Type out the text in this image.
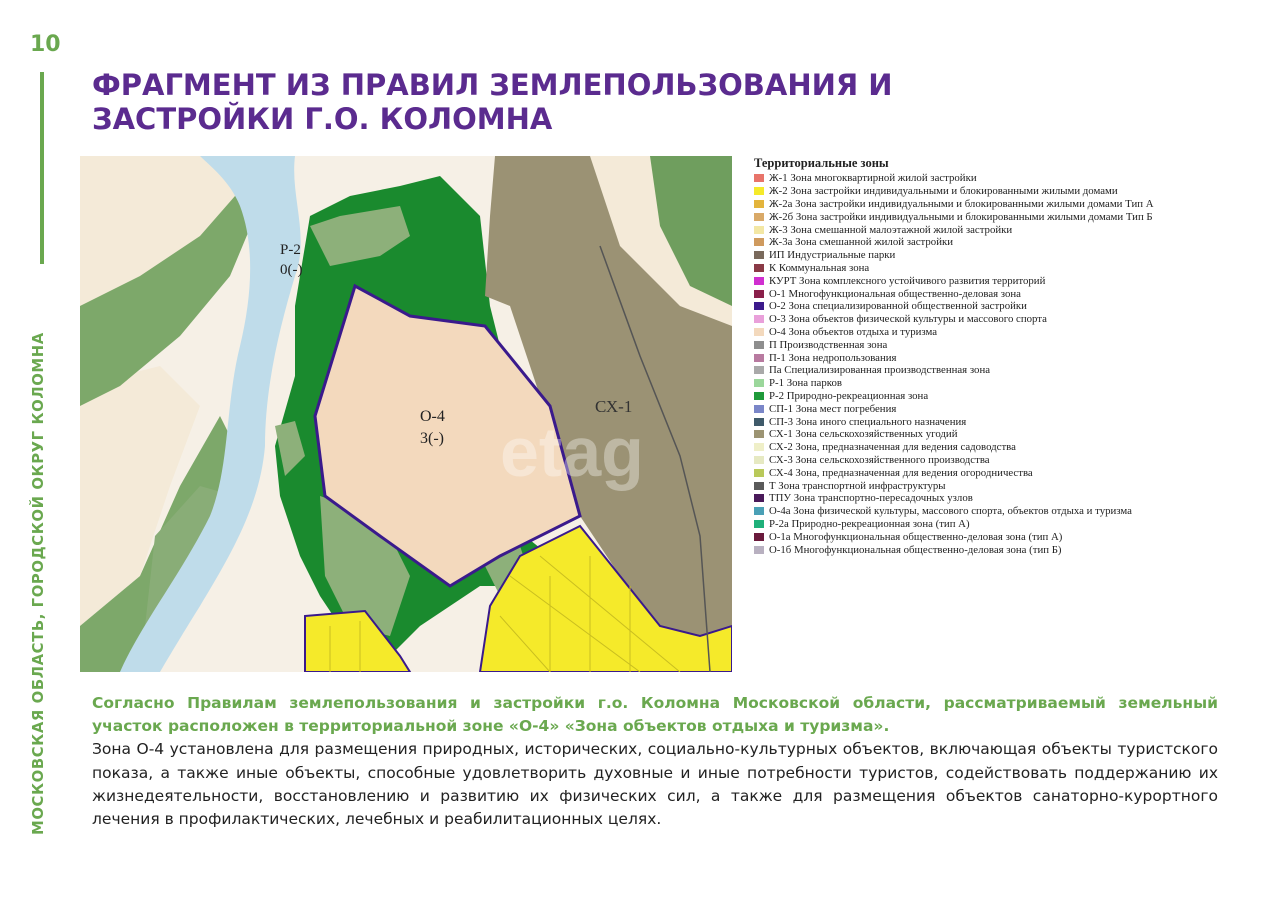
10
МОСКОВСКАЯ ОБЛАСТЬ, ГОРОДСКОЙ ОКРУГ КОЛОМНА
ФРАГМЕНТ ИЗ ПРАВИЛ ЗЕМЛЕПОЛЬЗОВАНИЯ И
ЗАСТРОЙКИ Г.О. КОЛОМНА
Р-2
0(-)
О-4
3(-)
СХ-1
etag
Территориальные зоны
Ж-1 Зона многоквартирной жилой застройки
Ж-2 Зона застройки индивидуальными и блокированными жилыми домами
Ж-2а Зона застройки индивидуальными и блокированными жилыми домами Тип А
Ж-2б Зона застройки индивидуальными и блокированными жилыми домами Тип Б
Ж-3 Зона смешанной малоэтажной жилой застройки
Ж-3а Зона смешанной жилой застройки
ИП Индустриальные парки
К Коммунальная зона
КУРТ Зона комплексного устойчивого развития территорий
О-1 Многофункциональная общественно-деловая зона
О-2 Зона специализированной общественной застройки
О-3 Зона объектов физической культуры и массового спорта
О-4 Зона объектов отдыха и туризма
П Производственная зона
П-1 Зона недропользования
Па Специализированная производственная зона
Р-1 Зона парков
Р-2 Природно-рекреационная зона
СП-1 Зона мест погребения
СП-3 Зона иного специального назначения
СХ-1 Зона сельскохозяйственных угодий
СХ-2 Зона, предназначенная для ведения садоводства
СХ-3 Зона сельскохозяйственного производства
СХ-4 Зона, предназначенная для ведения огородничества
Т Зона транспортной инфраструктуры
ТПУ Зона транспортно-пересадочных узлов
О-4а Зона физической культуры, массового спорта, объектов отдыха и туризма
Р-2а Природно-рекреационная зона (тип А)
О-1а Многофункциональная общественно-деловая зона (тип А)
О-1б Многофункциональная общественно-деловая зона (тип Б)

Согласно Правилам землепользования и застройки г.о. Коломна Московской области, рассматриваемый земельный участок расположен в территориальной зоне «О-4» «Зона объектов отдыха и туризма».

Зона О-4 установлена для размещения природных, исторических, социально-культурных объектов, включающая объекты туристского показа, а также иные объекты, способные удовлетворить духовные и иные потребности туристов, содействовать поддержанию их жизнедеятельности, восстановлению и развитию их физических сил, а также для размещения объектов санаторно-курортного лечения в профилактических, лечебных и реабилитационных целях.
